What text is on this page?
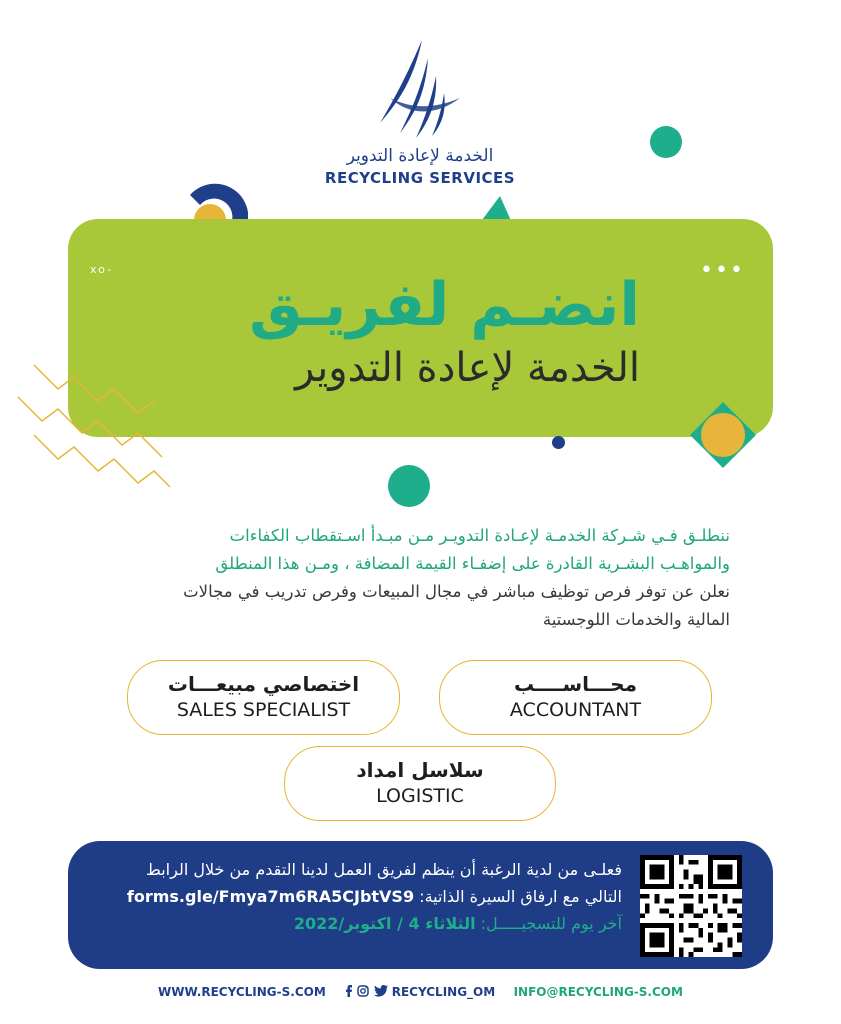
الخدمة لإعادة التدوير
RECYCLING SERVICES
xo-	•••
انضـم لفريـق
الخدمة لإعادة التدوير
ننطلـق فـي شـركة الخدمـة لإعـادة التدويـر مـن مبـدأ اسـتقطاب الكفاءات
والمواهـب البشـرية القادرة على إضفـاء القيمة المضافة ، ومـن هذا المنطلق
نعلن عن توفر فرص توظيف مباشر في مجال المبيعات وفرص تدريب في مجالات
المالية والخدمات اللوجستية
اختصاصي مبيعـــات
SALES SPECIALIST
محـــاســــب
ACCOUNTANT
سلاسل امداد
LOGISTIC
فعلـى من لدية الرغبة أن ينظم لفريق العمل لدينا التقدم من خلال الرابط
التالي مع ارفاق السيرة الذاتية: forms.gle/Fmya7m6RA5CJbtVS9
آخر يوم للتسجيـــــل: الثلاثاء 4 / اكتوبر/2022
WWW.RECYCLING-S.COM	RECYCLING_OM INFO@RECYCLING-S.COM
